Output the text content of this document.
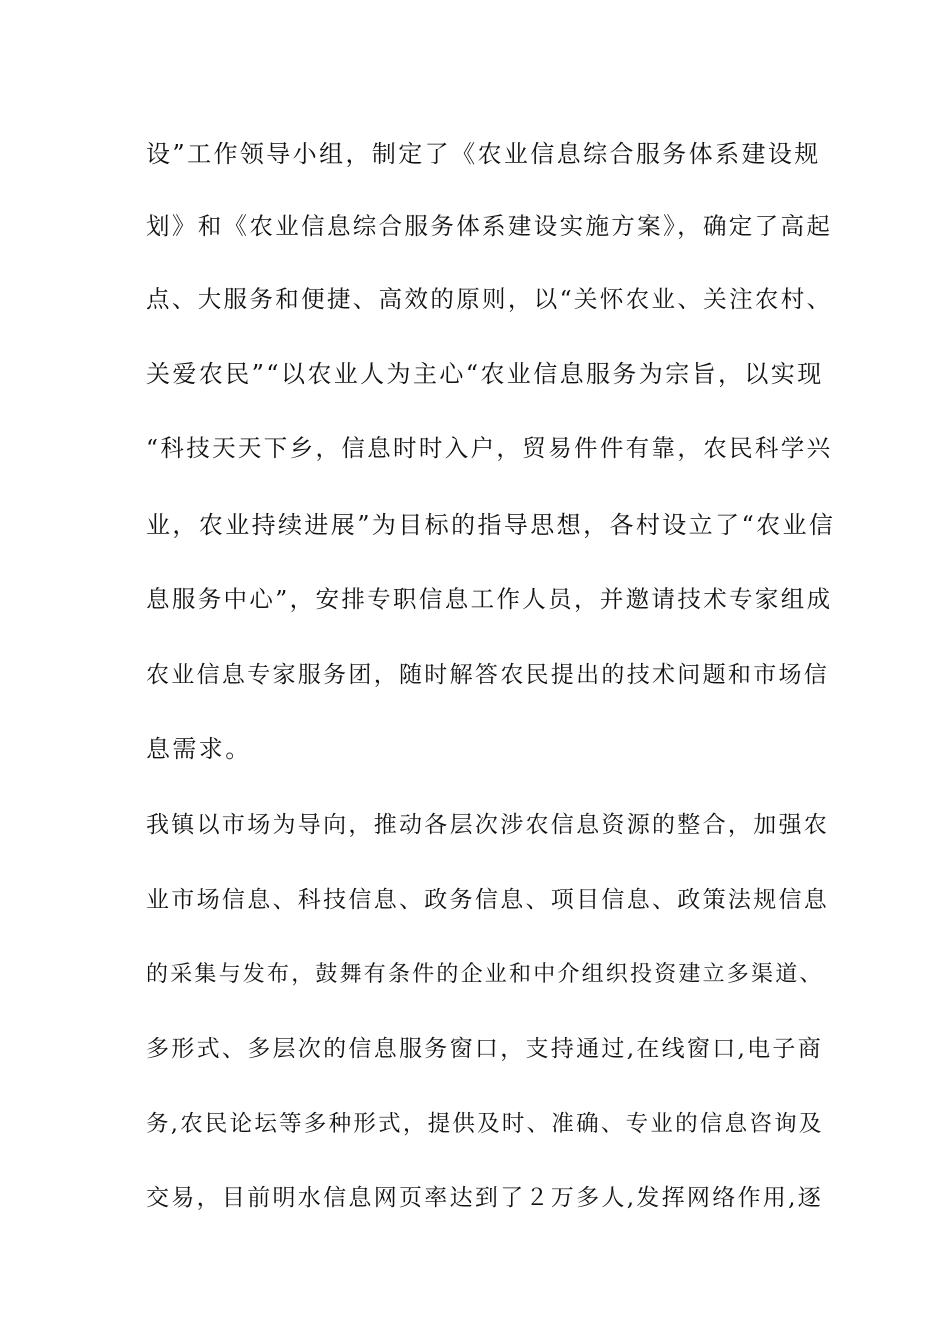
设”工作领导小组，制定了《农业信息综合服务体系建设规
划》和《农业信息综合服务体系建设实施方案》，确定了高起
点、大服务和便捷、高效的原则，以“关怀农业、关注农村、
关爱农民”“以农业人为主心“农业信息服务为宗旨，以实现
“科技天天下乡，信息时时入户，贸易件件有靠，农民科学兴
业，农业持续进展”为目标的指导思想，各村设立了“农业信
息服务中心”，安排专职信息工作人员，并邀请技术专家组成
农业信息专家服务团，随时解答农民提出的技术问题和市场信
息需求。
我镇以市场为导向，推动各层次涉农信息资源的整合，加强农
业市场信息、科技信息、政务信息、项目信息、政策法规信息
的采集与发布，鼓舞有条件的企业和中介组织投资建立多渠道、
多形式、多层次的信息服务窗口，支持通过,在线窗口,电子商
务,农民论坛等多种形式，提供及时、准确、专业的信息咨询及
交易，目前明水信息网页率达到了２万多人,发挥网络作用,逐
